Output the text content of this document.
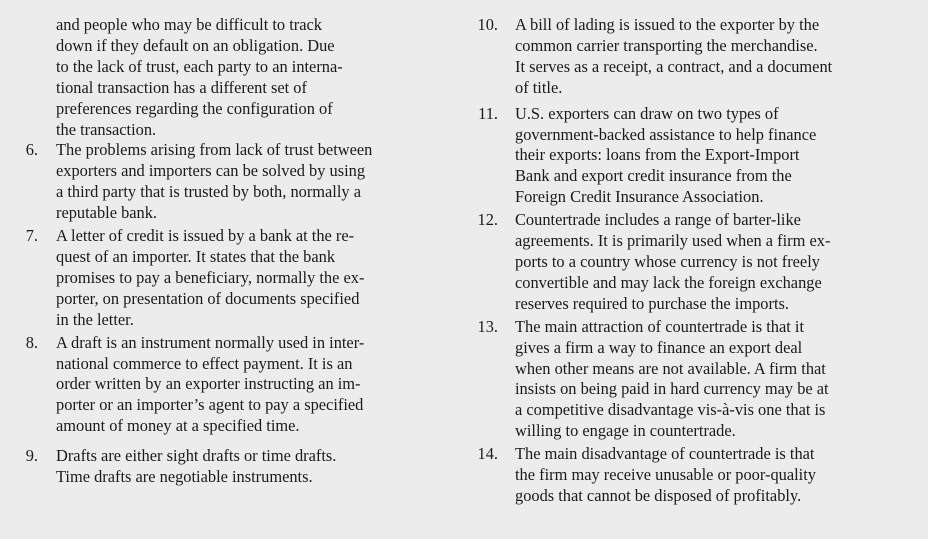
and people who may be difficult to track
down if they default on an obligation. Due
to the lack of trust, each party to an interna-
tional transaction has a different set of
preferences regarding the configuration of
the transaction.
6. The problems arising from lack of trust between
exporters and importers can be solved by using
a third party that is trusted by both, normally a
reputable bank.
7. A letter of credit is issued by a bank at the re-
quest of an importer. It states that the bank
promises to pay a beneficiary, normally the ex-
porter, on presentation of documents specified
in the letter.
8. A draft is an instrument normally used in inter-
national commerce to effect payment. It is an
order written by an exporter instructing an im-
porter or an importer’s agent to pay a specified
amount of money at a specified time.
9. Drafts are either sight drafts or time drafts.
Time drafts are negotiable instruments.
10. A bill of lading is issued to the exporter by the
common carrier transporting the merchandise.
It serves as a receipt, a contract, and a document
of title.
11. U.S. exporters can draw on two types of
government-backed assistance to help finance
their exports: loans from the Export-Import
Bank and export credit insurance from the
Foreign Credit Insurance Association.
12. Countertrade includes a range of barter-like
agreements. It is primarily used when a firm ex-
ports to a country whose currency is not freely
convertible and may lack the foreign exchange
reserves required to purchase the imports.
13. The main attraction of countertrade is that it
gives a firm a way to finance an export deal
when other means are not available. A firm that
insists on being paid in hard currency may be at
a competitive disadvantage vis-à-vis one that is
willing to engage in countertrade.
14. The main disadvantage of countertrade is that
the firm may receive unusable or poor-quality
goods that cannot be disposed of profitably.
